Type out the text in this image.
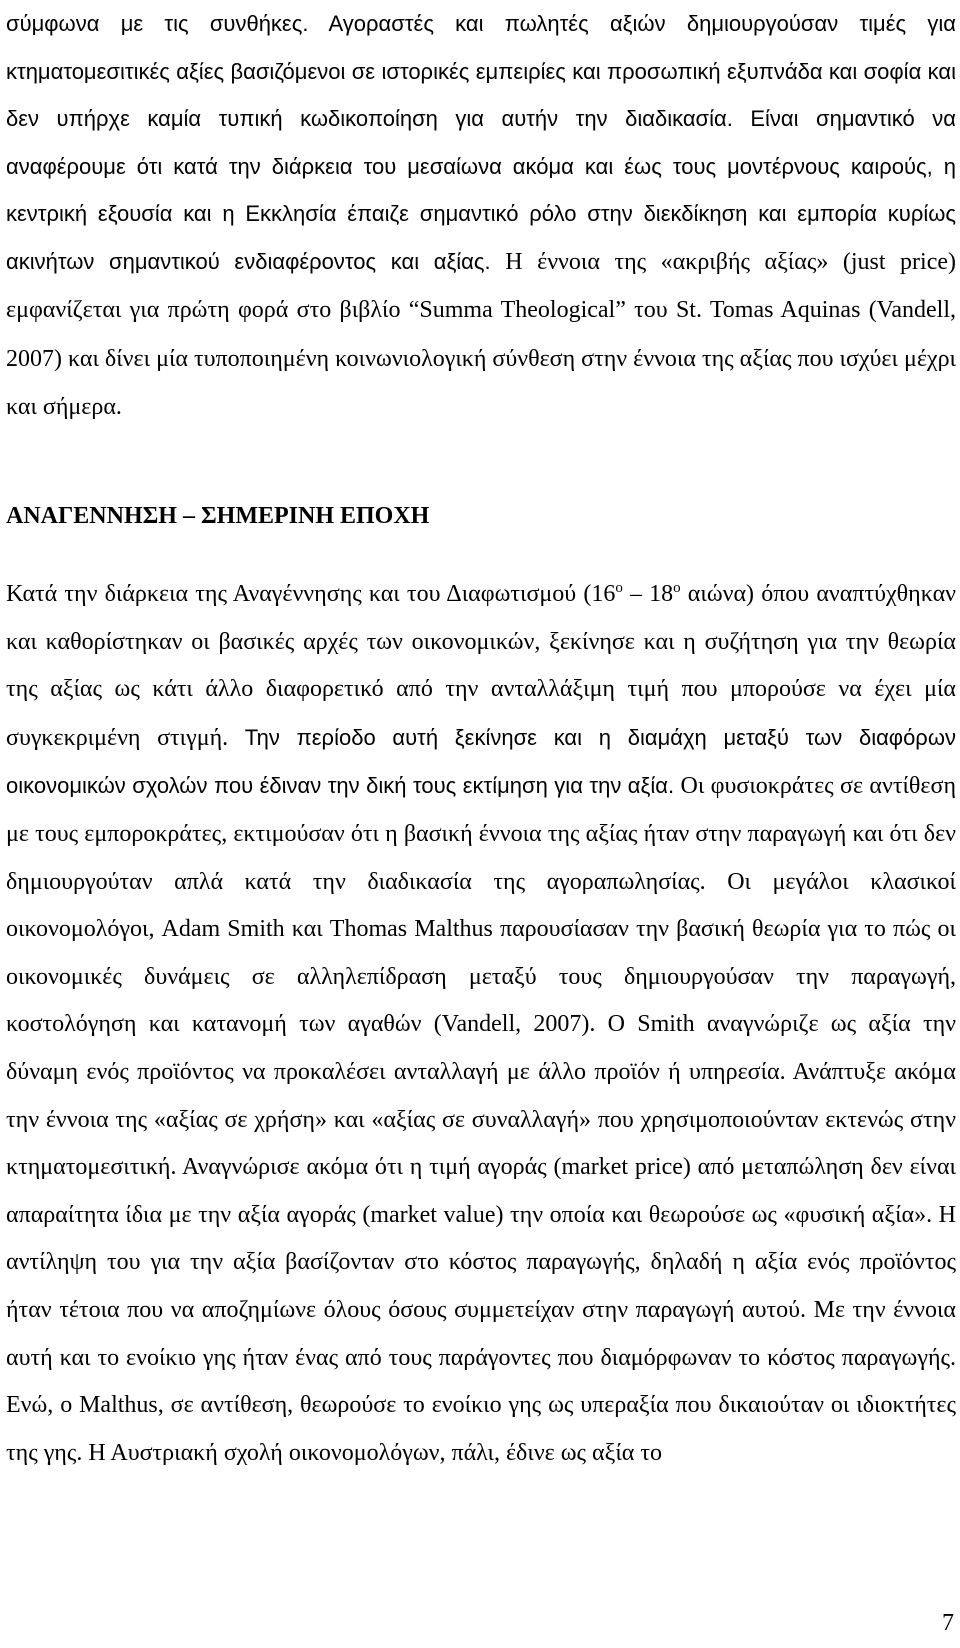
σύμφωνα με τις συνθήκες. Αγοραστές και πωλητές αξιών δημιουργούσαν τιμές για κτηματομεσιτικές αξίες βασιζόμενοι σε ιστορικές εμπειρίες και προσωπική εξυπνάδα και σοφία και δεν υπήρχε καμία τυπική κωδικοποίηση για αυτήν την διαδικασία. Είναι σημαντικό να αναφέρουμε ότι κατά την διάρκεια του μεσαίωνα ακόμα και έως τους μοντέρνους καιρούς, η κεντρική εξουσία και η Εκκλησία έπαιζε σημαντικό ρόλο στην διεκδίκηση και εμπορία κυρίως ακινήτων σημαντικού ενδιαφέροντος και αξίας. Η έννοια της «ακριβής αξίας» (just price) εμφανίζεται για πρώτη φορά στο βιβλίο “Summa Theological” του St. Tomas Aquinas (Vandell, 2007) και δίνει μία τυποποιημένη κοινωνιολογική σύνθεση στην έννοια της αξίας που ισχύει μέχρι και σήμερα.

ΑΝΑΓΕΝΝΗΣΗ – ΣΗΜΕΡΙΝΗ ΕΠΟΧΗ

Κατά την διάρκεια της Αναγέννησης και του Διαφωτισμού ($16^o - 18^o$ αιώνα) όπου αναπτύχθηκαν και καθορίστηκαν οι βασικές αρχές των οικονομικών, ξεκίνησε και η συζήτηση για την θεωρία της αξίας ως κάτι άλλο διαφορετικό από την ανταλλάξιμη τιμή που μπορούσε να έχει μία συγκεκριμένη στιγμή. Την περίοδο αυτή ξεκίνησε και η διαμάχη μεταξύ των διαφόρων οικονομικών σχολών που έδιναν την δική τους εκτίμηση για την αξία. Οι φυσιοκράτες σε αντίθεση με τους εμποροκράτες, εκτιμούσαν ότι η βασική έννοια της αξίας ήταν στην παραγωγή και ότι δεν δημιουργούταν απλά κατά την διαδικασία της αγοραπωλησίας. Οι μεγάλοι κλασικοί οικονομολόγοι, Adam Smith και Thomas Malthus παρουσίασαν την βασική θεωρία για το πώς οι οικονομικές δυνάμεις σε αλληλεπίδραση μεταξύ τους δημιουργούσαν την παραγωγή, κοστολόγηση και κατανομή των αγαθών (Vandell, 2007). Ο Smith αναγνώριζε ως αξία την δύναμη ενός προϊόντος να προκαλέσει ανταλλαγή με άλλο προϊόν ή υπηρεσία. Ανάπτυξε ακόμα την έννοια της «αξίας σε χρήση» και «αξίας σε συναλλαγή» που χρησιμοποιούνταν εκτενώς στην κτηματομεσιτική. Αναγνώρισε ακόμα ότι η τιμή αγοράς (market price) από μεταπώληση δεν είναι απαραίτητα ίδια με την αξία αγοράς (market value) την οποία και θεωρούσε ως «φυσική αξία». Η αντίληψη του για την αξία βασίζονταν στο κόστος παραγωγής, δηλαδή η αξία ενός προϊόντος ήταν τέτοια που να αποζημίωνε όλους όσους συμμετείχαν στην παραγωγή αυτού. Με την έννοια αυτή και το ενοίκιο γης ήταν ένας από τους παράγοντες που διαμόρφωναν το κόστος παραγωγής. Ενώ, ο Malthus, σε αντίθεση, θεωρούσε το ενοίκιο γης ως υπεραξία που δικαιούταν οι ιδιοκτήτες της γης. Η Αυστριακή σχολή οικονομολόγων, πάλι, έδινε ως αξία το

7
